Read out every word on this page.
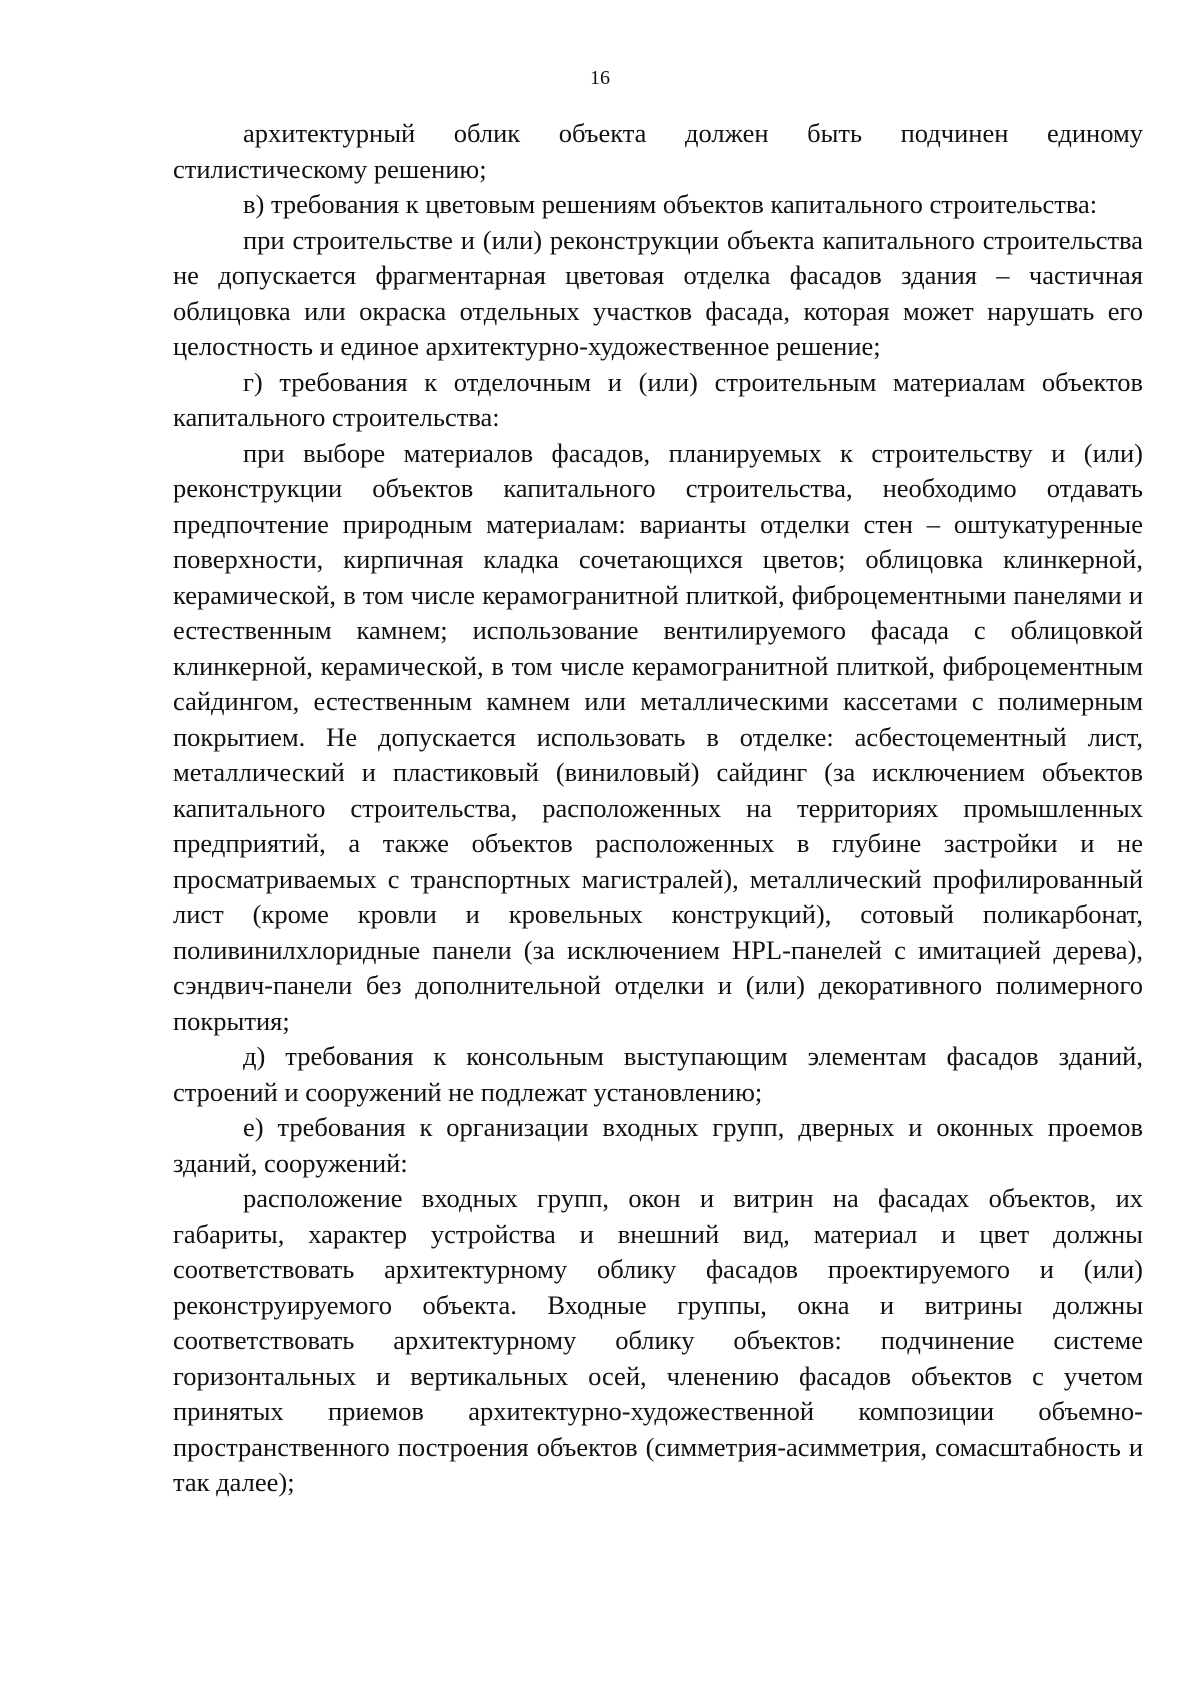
16

архитектурный облик объекта должен быть подчинен единому стилистическому решению;

в) требования к цветовым решениям объектов капитального строительства:

при строительстве и (или) реконструкции объекта капитального строительства не допускается фрагментарная цветовая отделка фасадов здания – частичная облицовка или окраска отдельных участков фасада, которая может нарушать его целостность и единое архитектурно-художественное решение;

г) требования к отделочным и (или) строительным материалам объектов капитального строительства:

при выборе материалов фасадов, планируемых к строительству и (или) реконструкции объектов капитального строительства, необходимо отдавать предпочтение природным материалам: варианты отделки стен – оштукатуренные поверхности, кирпичная кладка сочетающихся цветов; облицовка клинкерной, керамической, в том числе керамогранитной плиткой, фиброцементными панелями и естественным камнем; использование вентилируемого фасада с облицовкой клинкерной, керамической, в том числе керамогранитной плиткой, фиброцементным сайдингом, естественным камнем или металлическими кассетами с полимерным покрытием. Не допускается использовать в отделке: асбестоцементный лист, металлический и пластиковый (виниловый) сайдинг (за исключением объектов капитального строительства, расположенных на территориях промышленных предприятий, а также объектов расположенных в глубине застройки и не просматриваемых с транспортных магистралей), металлический профилированный лист (кроме кровли и кровельных конструкций), сотовый поликарбонат, поливинилхлоридные панели (за исключением HPL-панелей с имитацией дерева), сэндвич-панели без дополнительной отделки и (или) декоративного полимерного покрытия;

д) требования к консольным выступающим элементам фасадов зданий, строений и сооружений не подлежат установлению;

е) требования к организации входных групп, дверных и оконных проемов зданий, сооружений:

расположение входных групп, окон и витрин на фасадах объектов, их габариты, характер устройства и внешний вид, материал и цвет должны соответствовать архитектурному облику фасадов проектируемого и (или) реконструируемого объекта. Входные группы, окна и витрины должны соответствовать архитектурному облику объектов: подчинение системе горизонтальных и вертикальных осей, членению фасадов объектов с учетом принятых приемов архитектурно-художественной композиции объемно-пространственного построения объектов (симметрия-асимметрия, сомасштабность и так далее);
